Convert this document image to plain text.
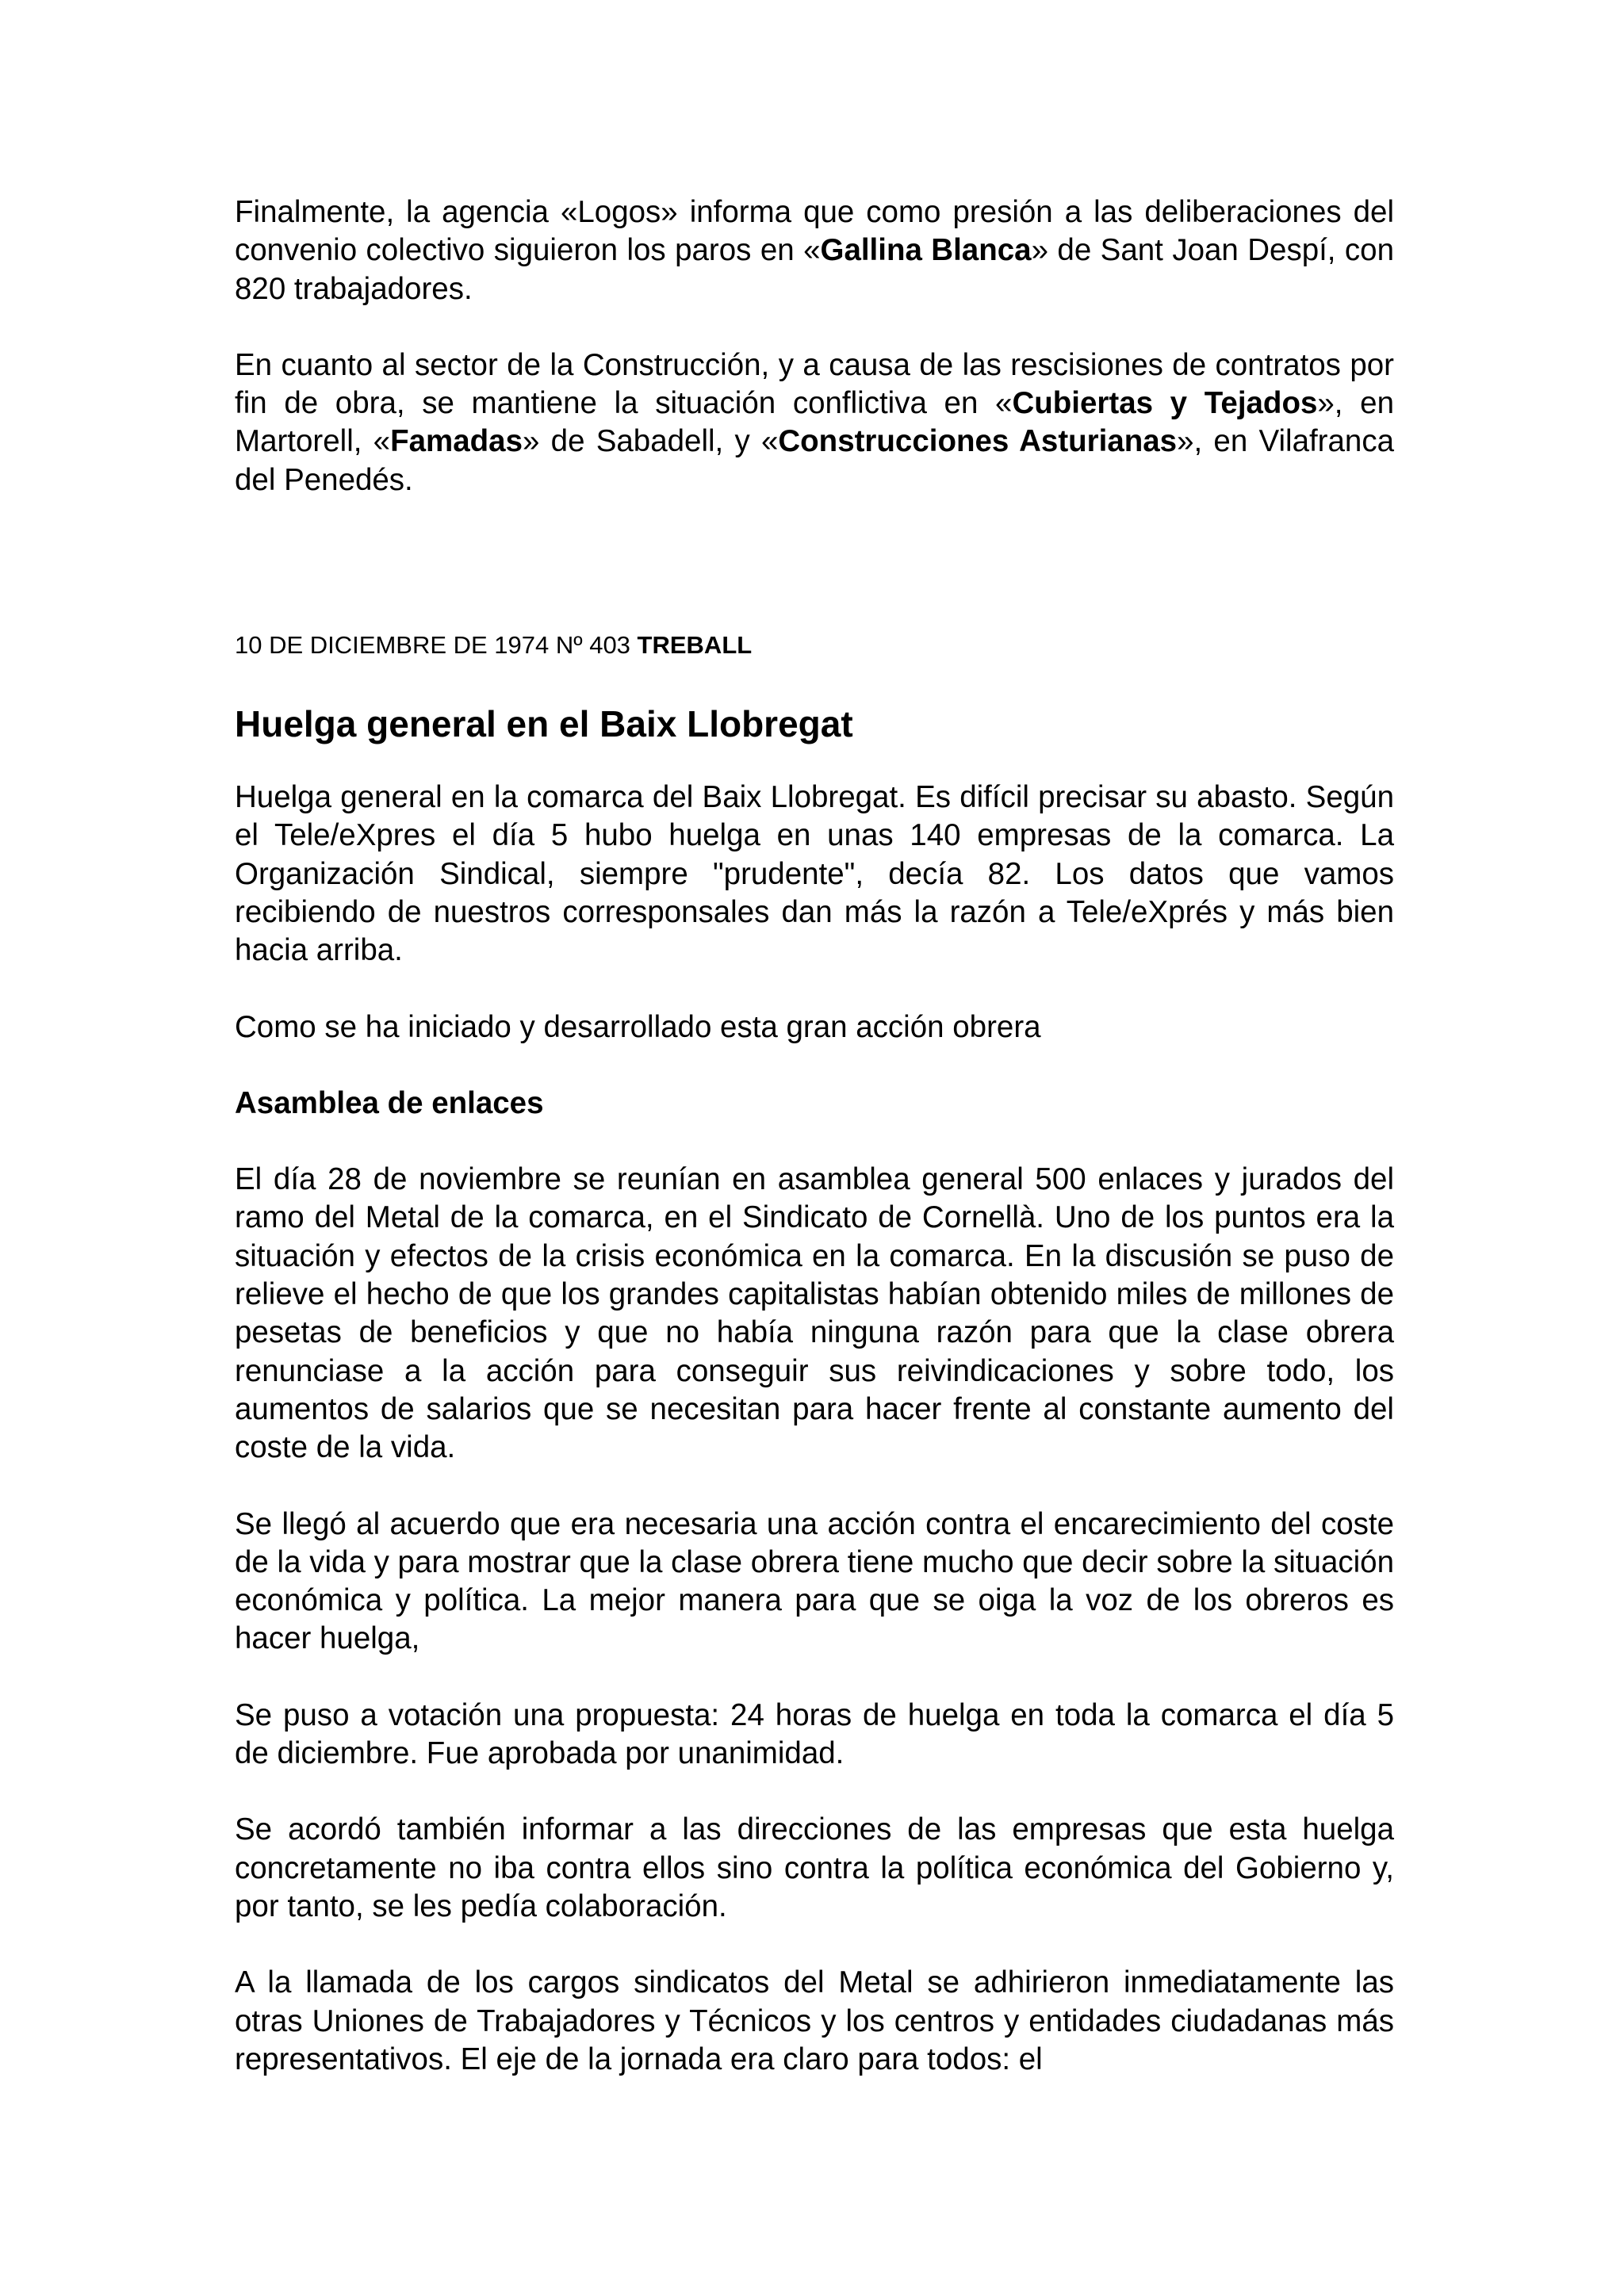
Finalmente, la agencia «Logos» informa que como presión a las deliberaciones del convenio colectivo siguieron los paros en «Gallina Blanca» de Sant Joan Despí, con 820 trabajadores.

En cuanto al sector de la Construcción, y a causa de las rescisiones de contratos por fin de obra, se mantiene la situación conflictiva en «Cubiertas y Tejados», en Martorell, «Famadas» de Sabadell, y «Construcciones Asturianas», en Vilafranca del Penedés.

10 DE DICIEMBRE DE 1974 Nº 403 TREBALL

Huelga general en el Baix Llobregat

Huelga general en la comarca del Baix Llobregat. Es difícil precisar su abasto. Según el Tele/eXpres el día 5 hubo huelga en unas 140 empresas de la comarca. La Organización Sindical, siempre "prudente", decía 82. Los datos que vamos recibiendo de nuestros corresponsales dan más la razón a Tele/eXprés y más bien hacia arriba.

Como se ha iniciado y desarrollado esta gran acción obrera

Asamblea de enlaces

El día 28 de noviembre se reunían en asamblea general 500 enlaces y jurados del ramo del Metal de la comarca, en el Sindicato de Cornellà. Uno de los puntos era la situación y efectos de la crisis económica en la comarca. En la discusión se puso de relieve el hecho de que los grandes capitalistas habían obtenido miles de millones de pesetas de beneficios y que no había ninguna razón para que la clase obrera renunciase a la acción para conseguir sus reivindicaciones y sobre todo, los aumentos de salarios que se necesitan para hacer frente al constante aumento del coste de la vida.

Se llegó al acuerdo que era necesaria una acción contra el encarecimiento del coste de la vida y para mostrar que la clase obrera tiene mucho que decir sobre la situación económica y política. La mejor manera para que se oiga la voz de los obreros es hacer huelga,

Se puso a votación una propuesta: 24 horas de huelga en toda la comarca el día 5 de diciembre. Fue aprobada por unanimidad.

Se acordó también informar a las direcciones de las empresas que esta huelga concretamente no iba contra ellos sino contra la política económica del Gobierno y, por tanto, se les pedía colaboración.

A la llamada de los cargos sindicatos del Metal se adhirieron inmediatamente las otras Uniones de Trabajadores y Técnicos y los centros y entidades ciudadanas más representativos. El eje de la jornada era claro para todos: el
